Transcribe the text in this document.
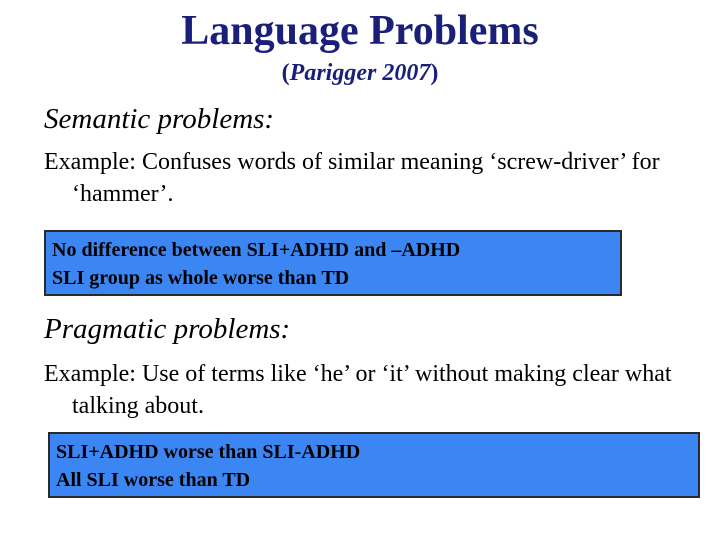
Language Problems
(Parigger 2007)
Semantic problems:
Example: Confuses words of similar meaning ‘screw-driver’ for ‘hammer’.
No difference between SLI+ADHD and –ADHD
SLI group as whole worse than TD
Pragmatic problems:
Example: Use of terms like ‘he’ or ‘it’ without making clear what talking about.
SLI+ADHD worse than SLI-ADHD
All SLI worse than TD
